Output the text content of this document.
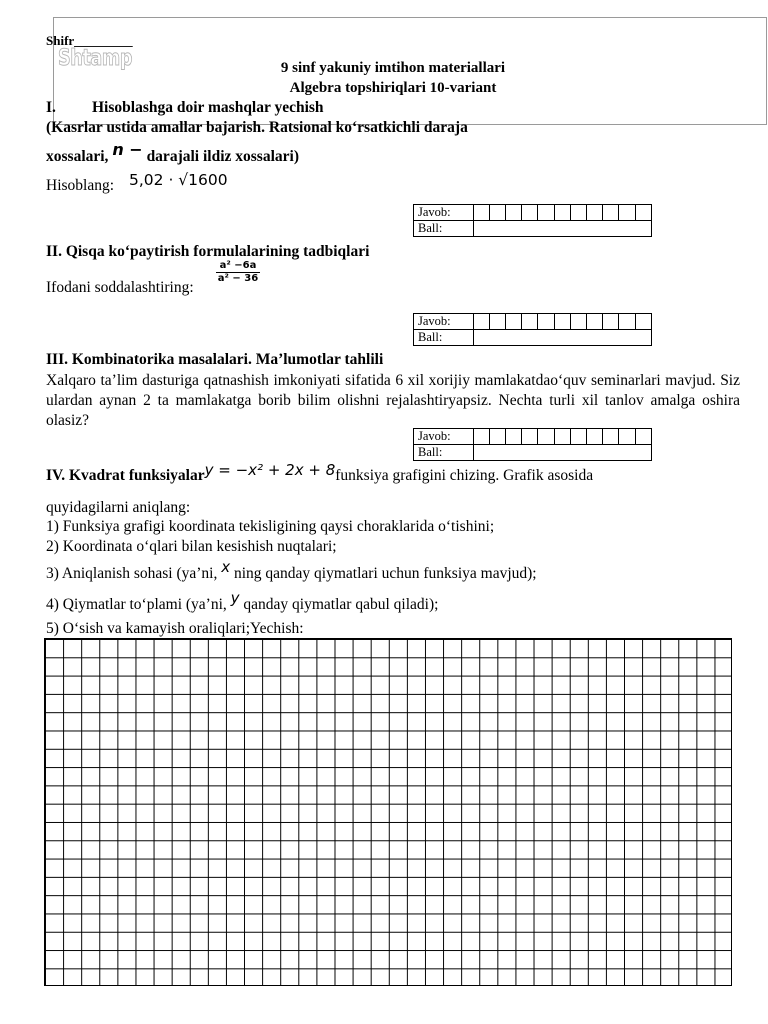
Shifr_________
Shtamp	9 sinf yakuniy imtihon materiallari
Algebra topshiriqlari 10-variant
I. Hisoblashga doir mashqlar yechish
(Kasrlar ustida amallar bajarish. Ratsional koʻrsatkichli daraja
xossalari, n − darajali ildiz xossalari)
Hisoblang: 5,02 · √1600
Javob:											
Ball:											
II. Qisqa koʻpaytirish formulalarining tadbiqlari
Ifodani soddalashtiring:
$\frac{\text{a² −6a}}{\text{a² − 36}}$
Javob:											
Ball:											
III. Kombinatorika masalalari. Maʼlumotlar tahlili
Xalqaro taʼlim dasturiga qatnashish imkoniyati sifatida 6 xil xorijiy mamlakatdaoʻquv seminarlari mavjud. Siz ulardan aynan 2 ta mamlakatga borib bilim olishni rejalashtiryapsiz. Nechta turli xil tanlov amalga oshira olasiz?
Javob:											
Ball:											
IV. Kvadrat funksiyalary = −x² + 2x + 8funksiya grafigini chizing. Grafik asosida
quyidagilarni aniqlang:
1) Funksiya grafigi koordinata tekisligining qaysi choraklarida oʻtishini;
2) Koordinata oʻqlari bilan kesishish nuqtalari;
3) Aniqlanish sohasi (yaʼni, x ning qanday qiymatlari uchun funksiya mavjud);
4) Qiymatlar toʻplami (yaʼni, y qanday qiymatlar qabul qiladi);
5) Oʻsish va kamayish oraliqlari;Yechish:
